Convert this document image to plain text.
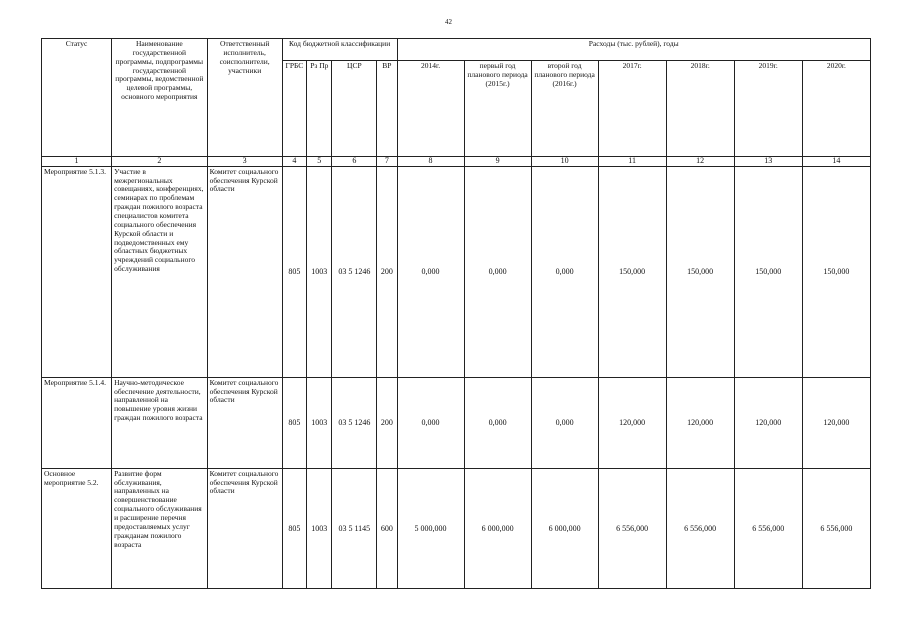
42
Статус	Наименование государственной программы, подпрограммы государственной программы, ведомственной целевой программы, основного мероприятия	Ответственный исполнитель, соисполнители, участники	Код бюджетной классификации				Расходы (тыс. рублей), годы						
			ГРБС	Рз Пр	ЦСР	ВР	2014г.	первый год планового периода (2015г.)	второй год планового периода (2016г.)	2017г.	2018г.	2019г.	2020г.
1	2	3	4	5	6	7	8	9	10	11	12	13	14
Мероприятие 5.1.3.	Участие в межрегиональных совещаниях, конференциях, семинарах по проблемам граждан пожилого возраста специалистов комитета социального обеспечения Курской области и подведомственных ему областных бюджетных учреждений социального обслуживания	Комитет социального обеспечения Курской области	805	1003	03 5 1246	200	0,000	0,000	0,000	150,000	150,000	150,000	150,000
Мероприятие 5.1.4.	Научно-методическое обеспечение деятельности, направленной на повышение уровня жизни граждан пожилого возраста	Комитет социального обеспечения Курской области	805	1003	03 5 1246	200	0,000	0,000	0,000	120,000	120,000	120,000	120,000
Основное мероприятие 5.2.	Развитие форм обслуживания, направленных на совершенствование социального обслуживания и расширение перечня предоставляемых услуг гражданам пожилого возраста	Комитет социального обеспечения Курской области	805	1003	03 5 1145	600	5 000,000	6 000,000	6 000,000	6 556,000	6 556,000	6 556,000	6 556,000
